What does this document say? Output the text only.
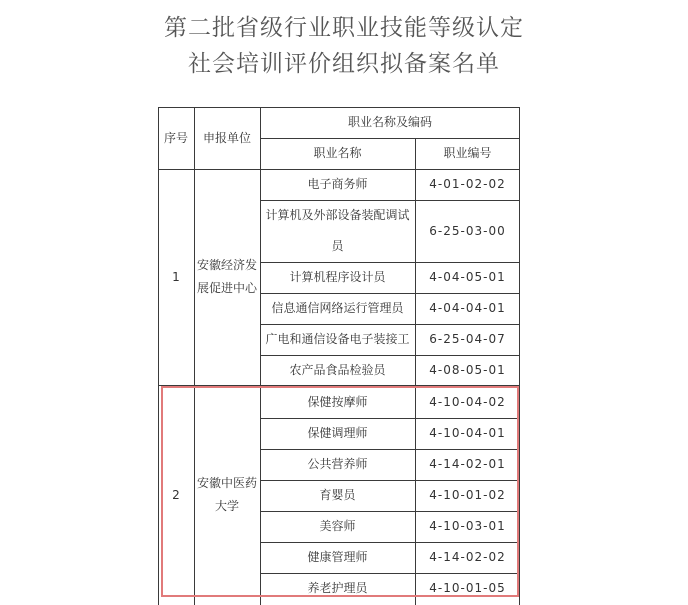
第二批省级行业职业技能等级认定
社会培训评价组织拟备案名单
序号	申报单位
职业名称及编码
职业名称	职业编号
1
安徽经济发展促进中心
电子商务师	4-01-02-02
计算机及外部设备装配调试员
6-25-03-00
计算机程序设计员	4-04-05-01
信息通信网络运行管理员	4-04-04-01
广电和通信设备电子装接工	6-25-04-07
农产品食品检验员	4-08-05-01
2
安徽中医药大学
保健按摩师	4-10-04-02
保健调理师	4-10-04-01
公共营养师	4-14-02-01
育婴员	4-10-01-02
美容师	4-10-03-01
健康管理师	4-14-02-02
养老护理员	4-10-01-05
